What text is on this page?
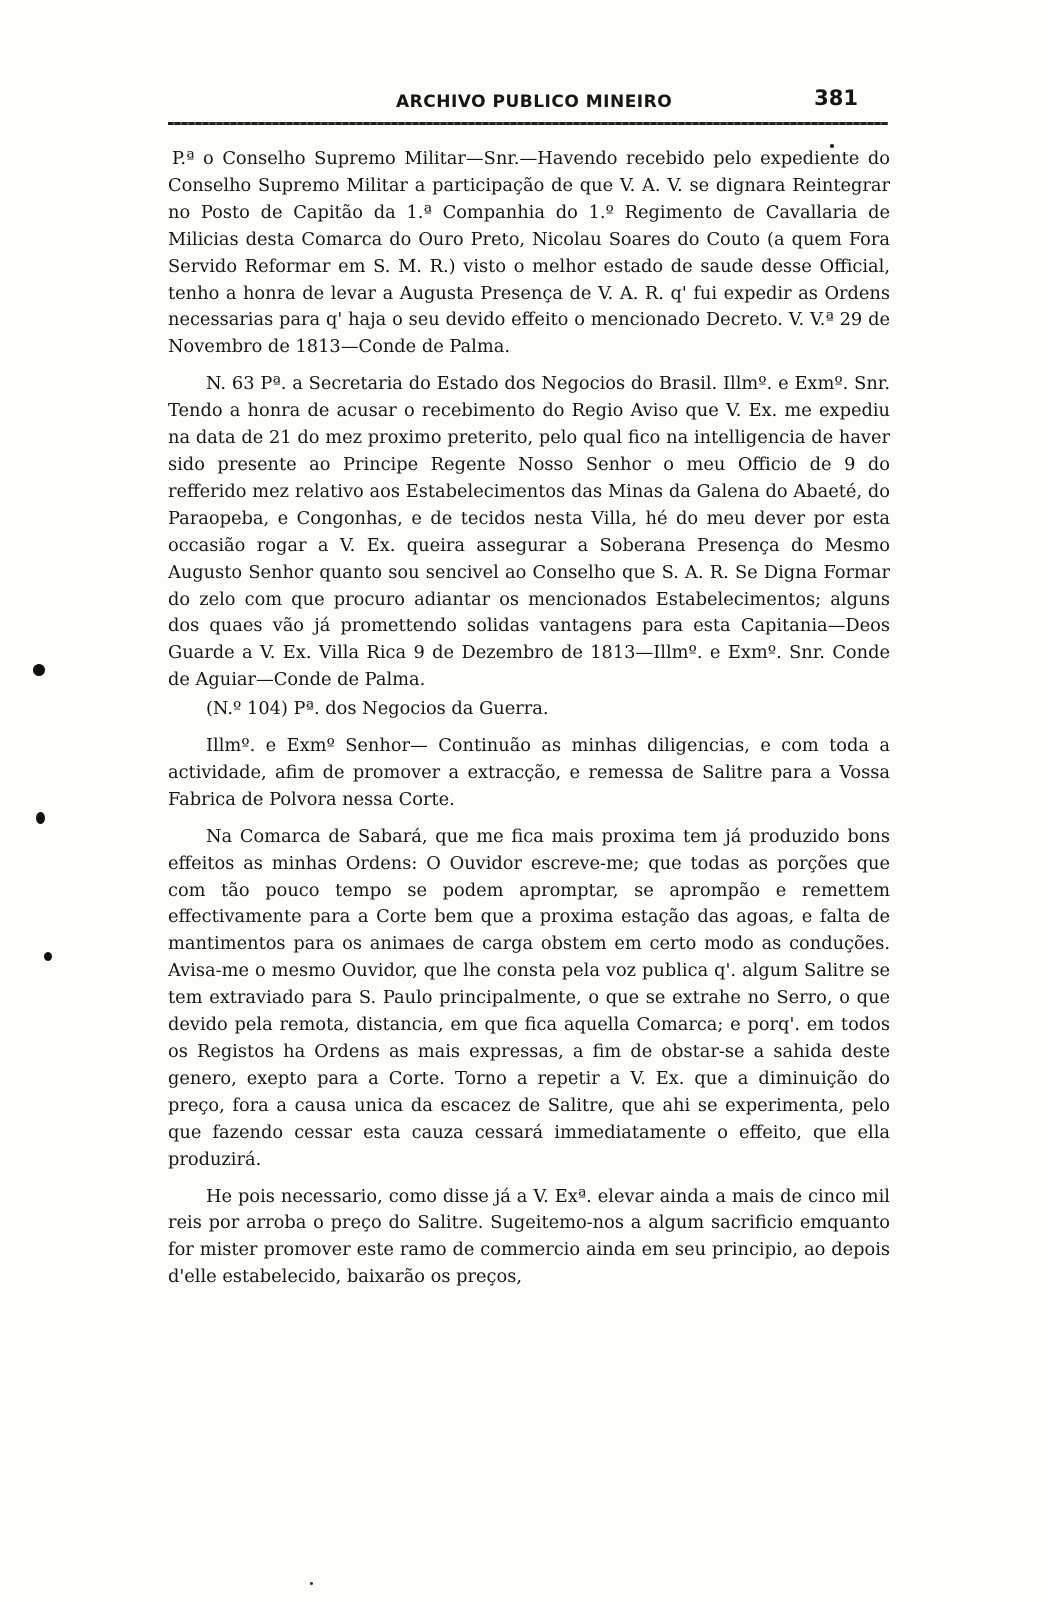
ARCHIVO PUBLICO MINEIRO	381

P.ª o Conselho Supremo Militar—Snr.—Havendo recebido pelo expediente do Conselho Supremo Militar a participação de que V. A. V. se dignara Reintegrar no Posto de Capitão da 1.ª Companhia do 1.º Regimento de Cavallaria de Milicias desta Comarca do Ouro Preto, Nicolau Soares do Couto (a quem Fora Servido Reformar em S. M. R.) visto o melhor estado de saude desse Official, tenho a honra de levar a Augusta Presença de V. A. R. q' fui expedir as Ordens necessarias para q' haja o seu devido effeito o mencionado Decreto. V. V.ª 29 de Novembro de 1813—Conde de Palma.

N. 63 Pª. a Secretaria do Estado dos Negocios do Brasil. Illmº. e Exmº. Snr. Tendo a honra de acusar o recebimento do Regio Aviso que V. Ex. me expediu na data de 21 do mez proximo preterito, pelo qual fico na intelligencia de haver sido presente ao Principe Regente Nosso Senhor o meu Officio de 9 do refferido mez relativo aos Estabelecimentos das Minas da Galena do Abaeté, do Paraopeba, e Congonhas, e de tecidos nesta Villa, hé do meu dever por esta occasião rogar a V. Ex. queira assegurar a Soberana Presença do Mesmo Augusto Senhor quanto sou sencivel ao Conselho que S. A. R. Se Digna Formar do zelo com que procuro adiantar os mencionados Estabelecimentos; alguns dos quaes vão já promettendo solidas vantagens para esta Capitania—Deos Guarde a V. Ex. Villa Rica 9 de Dezembro de 1813—Illmº. e Exmº. Snr. Conde de Aguiar—Conde de Palma.

(N.º 104) Pª. dos Negocios da Guerra.

Illmº. e Exmº Senhor— Continuão as minhas diligencias, e com toda a actividade, afim de promover a extracção, e remessa de Salitre para a Vossa Fabrica de Polvora nessa Corte.

Na Comarca de Sabará, que me fica mais proxima tem já produzido bons effeitos as minhas Ordens: O Ouvidor escreve-me; que todas as porções que com tão pouco tempo se podem apromptar, se aprompão e remettem effectivamente para a Corte bem que a proxima estação das agoas, e falta de mantimentos para os animaes de carga obstem em certo modo as conduções. Avisa-me o mesmo Ouvidor, que lhe consta pela voz publica q'. algum Salitre se tem extraviado para S. Paulo principalmente, o que se extrahe no Serro, o que devido pela remota, distancia, em que fica aquella Comarca; e porq'. em todos os Registos ha Ordens as mais expressas, a fim de obstar-se a sahida deste genero, exepto para a Corte. Torno a repetir a V. Ex. que a diminuição do preço, fora a causa unica da escacez de Salitre, que ahi se experimenta, pelo que fazendo cessar esta cauza cessará immediatamente o effeito, que ella produzirá.

He pois necessario, como disse já a V. Exª. elevar ainda a mais de cinco mil reis por arroba o preço do Salitre. Sugeitemo-nos a algum sacrificio emquanto for mister promover este ramo de commercio ainda em seu principio, ao depois d'elle estabelecido, baixarão os preços,
